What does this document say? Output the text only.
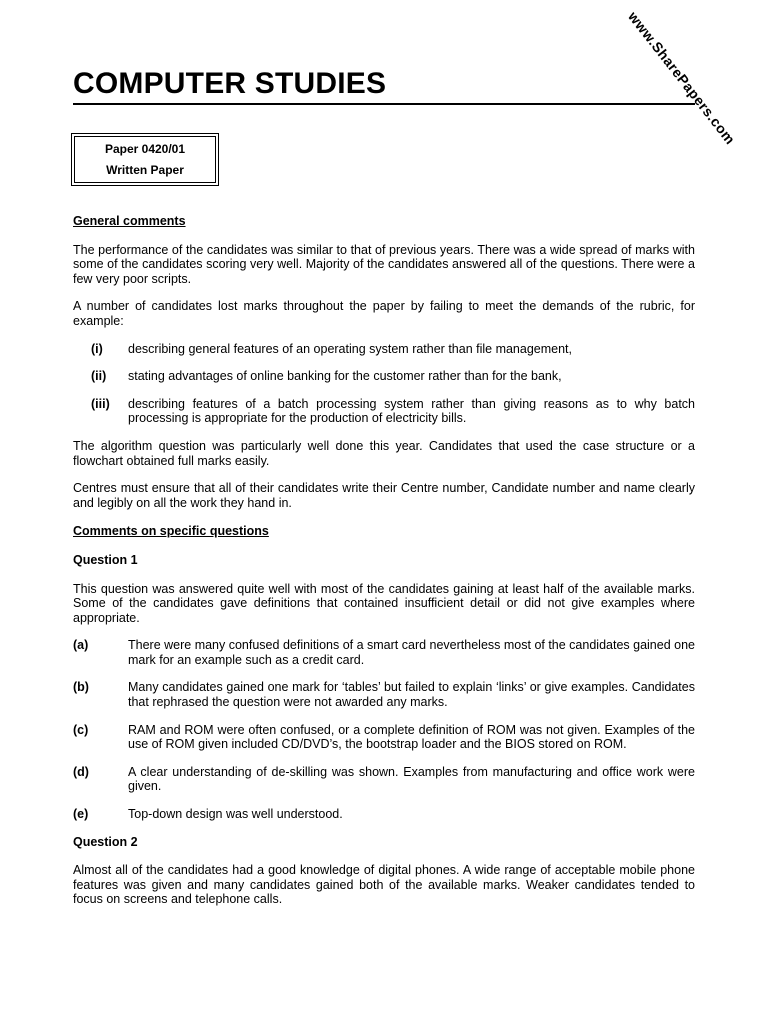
www.SharePapers.com
COMPUTER STUDIES
Paper 0420/01
Written Paper

General comments

The performance of the candidates was similar to that of previous years. There was a wide spread of marks with some of the candidates scoring very well. Majority of the candidates answered all of the questions. There were a few very poor scripts.

A number of candidates lost marks throughout the paper by failing to meet the demands of the rubric, for example:

(i)	describing general features of an operating system rather than file management,
(ii)	stating advantages of online banking for the customer rather than for the bank,
(iii)	describing features of a batch processing system rather than giving reasons as to why batch processing is appropriate for the production of electricity bills.

The algorithm question was particularly well done this year. Candidates that used the case structure or a flowchart obtained full marks easily.

Centres must ensure that all of their candidates write their Centre number, Candidate number and name clearly and legibly on all the work they hand in.

Comments on specific questions

Question 1

This question was answered quite well with most of the candidates gaining at least half of the available marks. Some of the candidates gave definitions that contained insufficient detail or did not give examples where appropriate.

(a)	There were many confused definitions of a smart card nevertheless most of the candidates gained one mark for an example such as a credit card.
(b)	Many candidates gained one mark for ‘tables’ but failed to explain ‘links’ or give examples. Candidates that rephrased the question were not awarded any marks.
(c)	RAM and ROM were often confused, or a complete definition of ROM was not given. Examples of the use of ROM given included CD/DVD’s, the bootstrap loader and the BIOS stored on ROM.
(d)	A clear understanding of de-skilling was shown. Examples from manufacturing and office work were given.
(e)	Top-down design was well understood.

Question 2

Almost all of the candidates had a good knowledge of digital phones. A wide range of acceptable mobile phone features was given and many candidates gained both of the available marks. Weaker candidates tended to focus on screens and telephone calls.
